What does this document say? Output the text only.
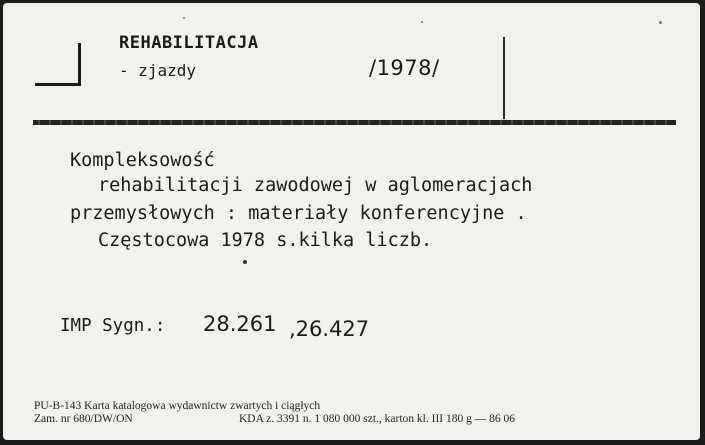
REHABILITACJA
- zjazdy	/1978/
Kompleksowość
rehabilitacji zawodowej w aglomeracjach
przemysłowych : materiały konferencyjne .
Częstocowa 1978 s.kilka liczb.
IMP Sygn.: 28.261 ,26.427
PU-B-143 Karta katalogowa wydawnictw zwartych i ciągłych
Zam. nr 680/DW/ON	KDA z. 3391 n. 1 080 000 szt., karton kl. III 180 g — 86 06
